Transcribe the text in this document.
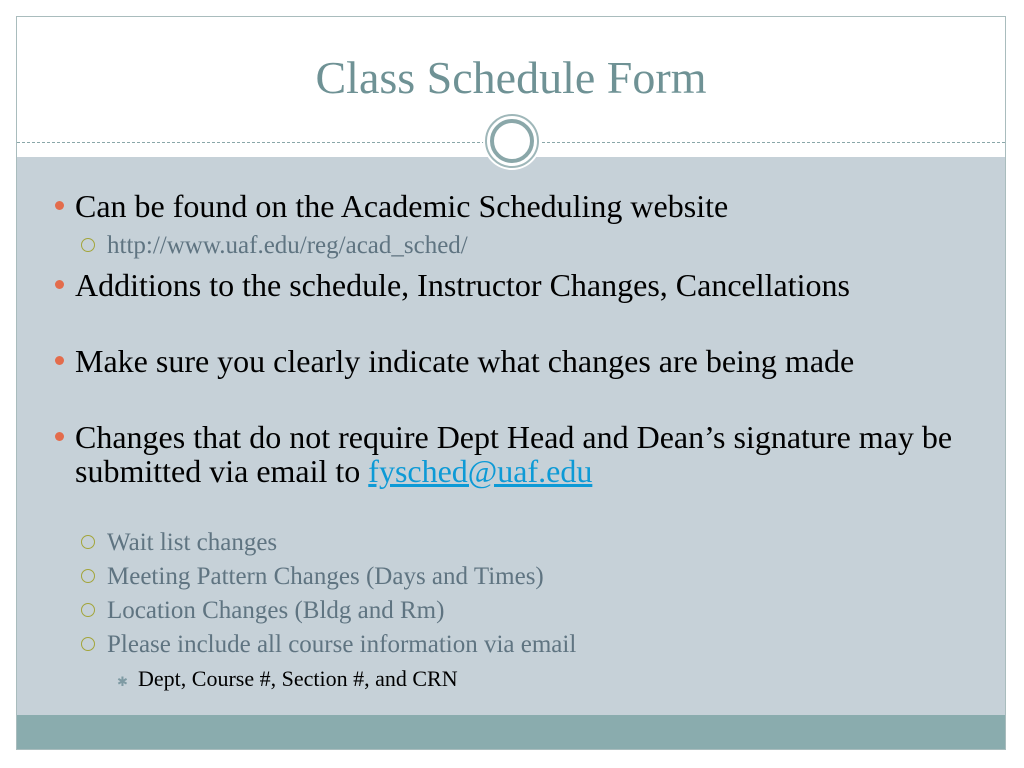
Class Schedule Form
Can be found on the Academic Scheduling website
http://www.uaf.edu/reg/acad_sched/
Additions to the schedule, Instructor Changes, Cancellations
Make sure you clearly indicate what changes are being made
Changes that do not require Dept Head and Dean’s signature may be submitted via email to fysched@uaf.edu
Wait list changes
Meeting Pattern Changes (Days and Times)
Location Changes (Bldg and Rm)
Please include all course information via email
✱ Dept, Course #, Section #, and CRN
